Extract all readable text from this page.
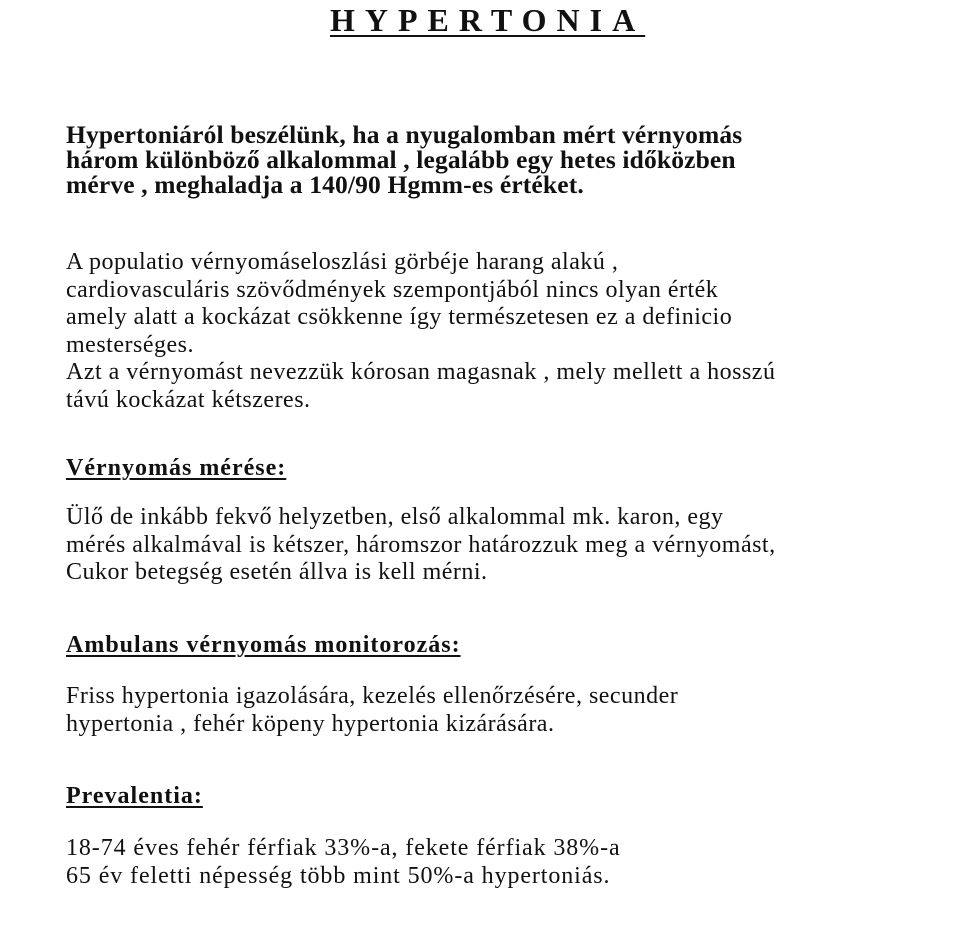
HYPERTONIA

Hypertoniáról beszélünk, ha a nyugalomban mért vérnyomás
három különböző alkalommal , legalább egy hetes időközben
mérve , meghaladja a 140/90 Hgmm-es értéket.

A populatio vérnyomáseloszlási görbéje harang alakú ,
cardiovasculáris szövődmények szempontjából nincs olyan érték
amely alatt a kockázat csökkenne így természetesen ez a definicio
mesterséges.
Azt a vérnyomást nevezzük kórosan magasnak , mely mellett a hosszú
távú kockázat kétszeres.

Vérnyomás mérése:

Ülő de inkább fekvő helyzetben, első alkalommal mk. karon, egy
mérés alkalmával is kétszer, háromszor határozzuk meg a vérnyomást,
Cukor betegség esetén állva is kell mérni.

Ambulans vérnyomás monitorozás:

Friss hypertonia igazolására, kezelés ellenőrzésére, secunder
hypertonia , fehér köpeny hypertonia kizárására.

Prevalentia:

18-74 éves fehér férfiak 33%-a, fekete férfiak 38%-a
65 év feletti népesség több mint 50%-a hypertoniás.
